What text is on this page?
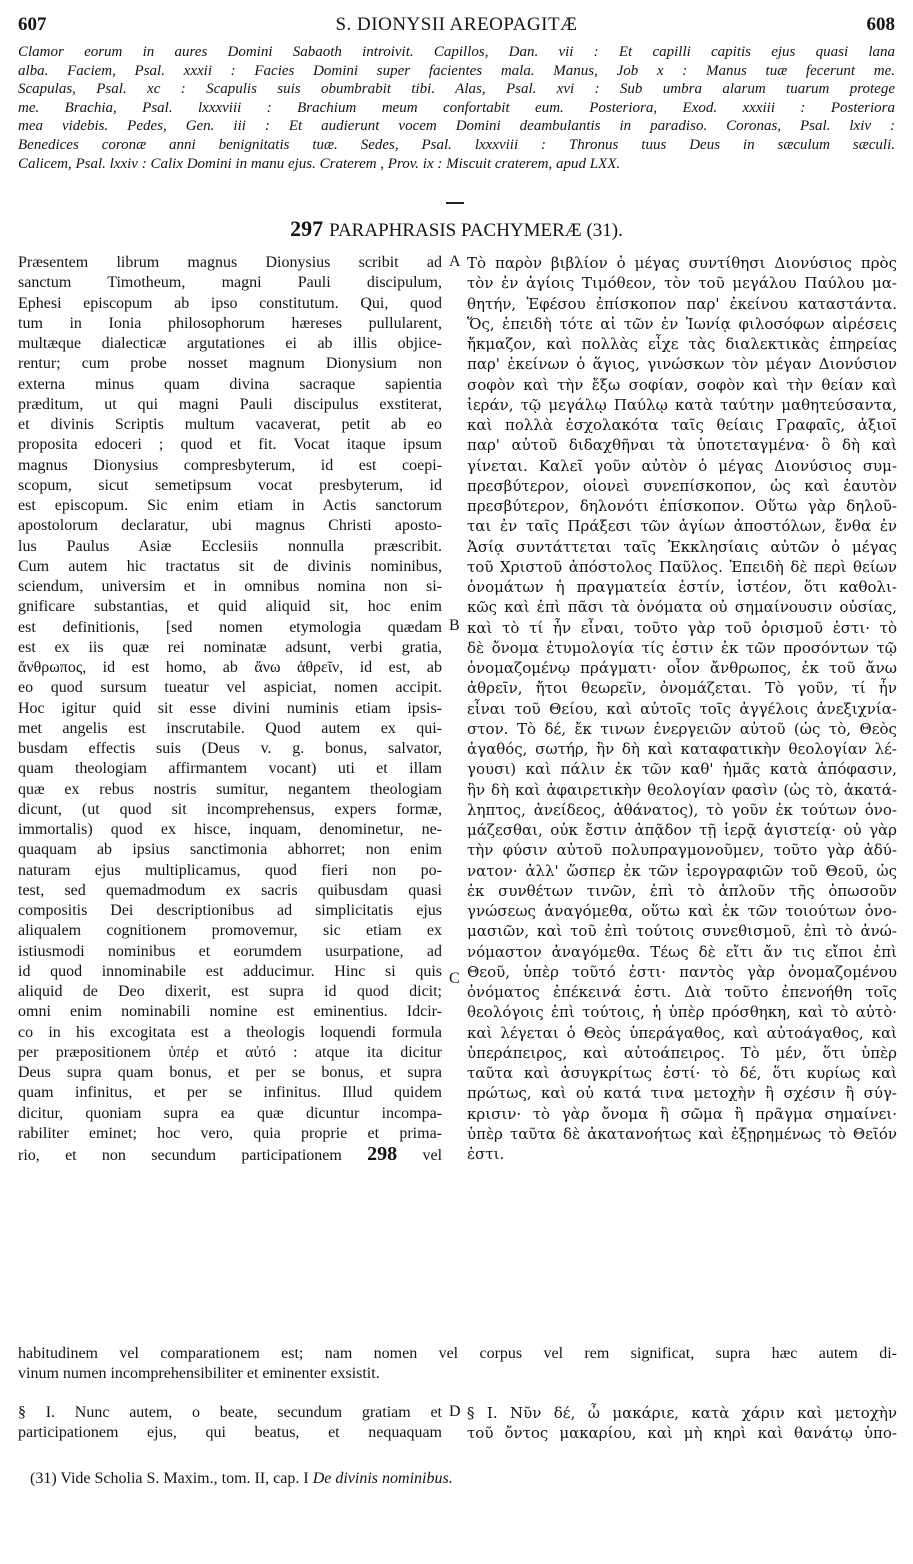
607	S. DIONYSII AREOPAGITÆ	608
Clamor eorum in aures Domini Sabaoth introivit. Capillos, Dan. vii : Et capilli capitis ejus quasi lana
alba. Faciem, Psal. xxxii : Facies Domini super facientes mala. Manus, Job x : Manus tuæ fecerunt me.
Scapulas, Psal. xc : Scapulis suis obumbrabit tibi. Alas, Psal. xvi : Sub umbra alarum tuarum protege
me. Brachia, Psal. lxxxviii : Brachium meum confortabit eum. Posteriora, Exod. xxxiii : Posteriora
mea videbis. Pedes, Gen. iii : Et audierunt vocem Domini deambulantis in paradiso. Coronas, Psal. lxiv :
Benedices coronæ anni benignitatis tuæ. Sedes, Psal. lxxxviii : Thronus tuus Deus in sæculum sæculi.
Calicem, Psal. lxxiv : Calix Domini in manu ejus. Craterem , Prov. ix : Miscuit craterem, apud LXX.
297 PARAPHRASIS PACHYMERÆ (31).
Præsentem librum magnus Dionysius scribit ad
sanctum Timotheum, magni Pauli discipulum,
Ephesi episcopum ab ipso constitutum. Qui, quod
tum in Ionia philosophorum hæreses pullularent,
multæque dialecticæ argutationes ei ab illis objice-
rentur; cum probe nosset magnum Dionysium non
externa minus quam divina sacraque sapientia
præditum, ut qui magni Pauli discipulus exstiterat,
et divinis Scriptis multum vacaverat, petit ab eo
proposita edoceri ; quod et fit. Vocat itaque ipsum
magnus Dionysius compresbyterum, id est coepi-
scopum, sicut semetipsum vocat presbyterum, id
est episcopum. Sic enim etiam in Actis sanctorum
apostolorum declaratur, ubi magnus Christi aposto-
lus Paulus Asiæ Ecclesiis nonnulla præscribit.
Cum autem hic tractatus sit de divinis nominibus,
sciendum, universim et in omnibus nomina non si-
gnificare substantias, et quid aliquid sit, hoc enim
est definitionis, [sed nomen etymologia quædam
est ex iis quæ rei nominatæ adsunt, verbi gratia,
ἄνθρωπος, id est homo, ab ἄνω ἀθρεῖν, id est, ab
eo quod sursum tueatur vel aspiciat, nomen accipit.
Hoc igitur quid sit esse divini numinis etiam ipsis-
met angelis est inscrutabile. Quod autem ex qui-
busdam effectis suis (Deus v. g. bonus, salvator,
quam theologiam affirmantem vocant) uti et illam
quæ ex rebus nostris sumitur, negantem theologiam
dicunt, (ut quod sit incomprehensus, expers formæ,
immortalis) quod ex hisce, inquam, denominetur, ne-
quaquam ab ipsius sanctimonia abhorret; non enim
naturam ejus multiplicamus, quod fieri non po-
test, sed quemadmodum ex sacris quibusdam quasi
compositis Dei descriptionibus ad simplicitatis ejus
aliqualem cognitionem promovemur, sic etiam ex
istiusmodi nominibus et eorumdem usurpatione, ad
id quod innominabile est adducimur. Hinc si quis
aliquid de Deo dixerit, est supra id quod dicit;
omni enim nominabili nomine est eminentius. Idcir-
co in his excogitata est a theologis loquendi formula
per præpositionem ὑπέρ et αὐτό : atque ita dicitur
Deus supra quam bonus, et per se bonus, et supra
quam infinitus, et per se infinitus. Illud quidem
dicitur, quoniam supra ea quæ dicuntur incompa-
rabiliter eminet; hoc vero, quia proprie et prima-
rio, et non secundum participationem 298 vel
Τὸ παρὸν βιβλίον ὁ μέγας συντίθησι Διονύσιος πρὸς
τὸν ἐν ἁγίοις Τιμόθεον, τὸν τοῦ μεγάλου Παύλου μα-
θητήν, Ἐφέσου ἐπίσκοπον παρ' ἐκείνου καταστάντα.
Ὅς, ἐπειδὴ τότε αἱ τῶν ἐν Ἰωνίᾳ φιλοσόφων αἱρέσεις
ἤκμαζον, καὶ πολλὰς εἶχε τὰς διαλεκτικὰς ἐπηρείας
παρ' ἐκείνων ὁ ἅγιος, γινώσκων τὸν μέγαν Διονύσιον
σοφὸν καὶ τὴν ἔξω σοφίαν, σοφὸν καὶ τὴν θείαν καὶ
ἱεράν, τῷ μεγάλῳ Παύλῳ κατὰ ταύτην μαθητεύσαντα,
καὶ πολλὰ ἐσχολακότα ταῖς θείαις Γραφαῖς, ἀξιοῖ
παρ' αὐτοῦ διδαχθῆναι τὰ ὑποτεταγμένα· ὃ δὴ καὶ
γίνεται. Καλεῖ γοῦν αὐτὸν ὁ μέγας Διονύσιος συμ-
πρεσβύτερον, οἱονεὶ συνεπίσκοπον, ὡς καὶ ἑαυτὸν
πρεσβύτερον, δηλονότι ἐπίσκοπον. Οὕτω γὰρ δηλοῦ-
ται ἐν ταῖς Πράξεσι τῶν ἁγίων ἀποστόλων, ἔνθα ἐν
Ἀσίᾳ συντάττεται ταῖς Ἐκκλησίαις αὐτῶν ὁ μέγας
τοῦ Χριστοῦ ἀπόστολος Παῦλος. Ἐπειδὴ δὲ περὶ θείων
ὀνομάτων ἡ πραγματεία ἐστίν, ἰστέον, ὅτι καθολι-
κῶς καὶ ἐπὶ πᾶσι τὰ ὀνόματα οὐ σημαίνουσιν οὐσίας,
καὶ τὸ τί ἦν εἶναι, τοῦτο γὰρ τοῦ ὁρισμοῦ ἐστι· τὸ
δὲ ὄνομα ἐτυμολογία τίς ἐστιν ἐκ τῶν προσόντων τῷ
ὀνομαζομένῳ πράγματι· οἷον ἄνθρωπος, ἐκ τοῦ ἄνω
ἀθρεῖν, ἤτοι θεωρεῖν, ὀνομάζεται. Τὸ γοῦν, τί ἦν
εἶναι τοῦ Θείου, καὶ αὐτοῖς τοῖς ἀγγέλοις ἀνεξιχνία-
στον. Τὸ δέ, ἔκ τινων ἐνεργειῶν αὐτοῦ (ὡς τὸ, Θεὸς
ἀγαθός, σωτήρ, ἣν δὴ καὶ καταφατικὴν θεολογίαν λέ-
γουσι) καὶ πάλιν ἐκ τῶν καθ' ἡμᾶς κατὰ ἀπόφασιν,
ἣν δὴ καὶ ἀφαιρετικὴν θεολογίαν φασὶν (ὡς τὸ, ἀκατά-
ληπτος, ἀνείδεος, ἀθάνατος), τὸ γοῦν ἐκ τούτων ὀνο-
μάζεσθαι, οὐκ ἔστιν ἀπᾷδον τῇ ἱερᾷ ἁγιστείᾳ· οὐ γὰρ
τὴν φύσιν αὐτοῦ πολυπραγμονοῦμεν, τοῦτο γὰρ ἀδύ-
νατον· ἀλλ' ὥσπερ ἐκ τῶν ἱερογραφιῶν τοῦ Θεοῦ, ὡς
ἐκ συνθέτων τινῶν, ἐπὶ τὸ ἁπλοῦν τῆς ὁπωσοῦν
γνώσεως ἀναγόμεθα, οὕτω καὶ ἐκ τῶν τοιούτων ὀνο-
μασιῶν, καὶ τοῦ ἐπὶ τούτοις συνεθισμοῦ, ἐπὶ τὸ ἀνώ-
νόμαστον ἀναγόμεθα. Τέως δὲ εἴτι ἄν τις εἴποι ἐπὶ
Θεοῦ, ὑπὲρ τοῦτό ἐστι· παντὸς γὰρ ὀνομαζομένου
ὀνόματος ἐπέκεινά ἐστι. Διὰ τοῦτο ἐπενοήθη τοῖς
θεολόγοις ἐπὶ τούτοις, ἡ ὑπὲρ πρόσθηκη, καὶ τὸ αὐτὸ·
καὶ λέγεται ὁ Θεὸς ὑπεράγαθος, καὶ αὐτοάγαθος, καὶ
ὑπεράπειρος, καὶ αὐτοάπειρος. Τὸ μέν, ὅτι ὑπὲρ
ταῦτα καὶ ἀσυγκρίτως ἐστί· τὸ δέ, ὅτι κυρίως καὶ
πρώτως, καὶ οὐ κατά τινα μετοχὴν ἢ σχέσιν ἢ σύγ-
κρισιν· τὸ γὰρ ὄνομα ἢ σῶμα ἢ πρᾶγμα σημαίνει·
ὑπὲρ ταῦτα δὲ ἀκατανοήτως καὶ ἐξῃρημένως τὸ Θεῖόν
ἐστι.
A
B
C
D
habitudinem vel comparationem est; nam nomen vel corpus vel rem significat, supra hæc autem di-
vinum numen incomprehensibiliter et eminenter exsistit.
§ I. Nunc autem, o beate, secundum gratiam et
participationem ejus, qui beatus, et nequaquam
§ I. Νῦν δέ, ὦ μακάριε, κατὰ χάριν καὶ μετοχὴν
τοῦ ὄντος μακαρίου, καὶ μὴ κηρὶ καὶ θανάτῳ ὑπο-
(31) Vide Scholia S. Maxim., tom. II, cap. I De divinis nominibus.
